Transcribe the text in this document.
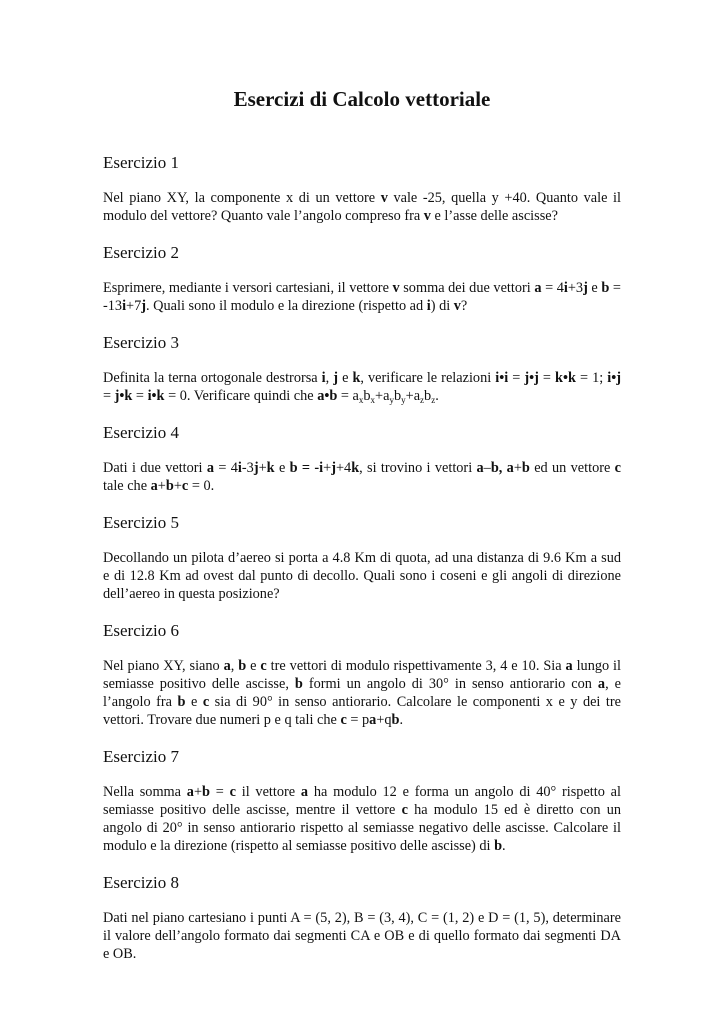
Esercizi di Calcolo vettoriale
Esercizio 1

Nel piano XY, la componente x di un vettore v vale -25, quella y +40. Quanto vale il modulo del vettore? Quanto vale l’angolo compreso fra v e l’asse delle ascisse?

Esercizio 2

Esprimere, mediante i versori cartesiani, il vettore v somma dei due vettori a = 4i+3j e b = -13i+7j. Quali sono il modulo e la direzione (rispetto ad i) di v?

Esercizio 3

Definita la terna ortogonale destrorsa i, j e k, verificare le relazioni i•i = j•j = k•k = 1; i•j = j•k = i•k = 0. Verificare quindi che a•b = $a_xb_x+a_yb_y+a_zb_z$.

Esercizio 4

Dati i due vettori a = 4i-3j+k e b = -i+j+4k, si trovino i vettori a–b, a+b ed un vettore c tale che a+b+c = 0.

Esercizio 5

Decollando un pilota d’aereo si porta a 4.8 Km di quota, ad una distanza di 9.6 Km a sud e di 12.8 Km ad ovest dal punto di decollo. Quali sono i coseni e gli angoli di direzione dell’aereo in questa posizione?

Esercizio 6

Nel piano XY, siano a, b e c tre vettori di modulo rispettivamente 3, 4 e 10. Sia a lungo il semiasse positivo delle ascisse, b formi un angolo di 30° in senso antiorario con a, e l’angolo fra b e c sia di 90° in senso antiorario. Calcolare le componenti x e y dei tre vettori. Trovare due numeri p e q tali che c = pa+qb.

Esercizio 7

Nella somma a+b = c il vettore a ha modulo 12 e forma un angolo di 40° rispetto al semiasse positivo delle ascisse, mentre il vettore c ha modulo 15 ed è diretto con un angolo di 20° in senso antiorario rispetto al semiasse negativo delle ascisse. Calcolare il modulo e la direzione (rispetto al semiasse positivo delle ascisse) di b.

Esercizio 8

Dati nel piano cartesiano i punti A = (5, 2), B = (3, 4), C = (1, 2) e D = (1, 5), determinare il valore dell’angolo formato dai segmenti CA e OB e di quello formato dai segmenti DA e OB.
